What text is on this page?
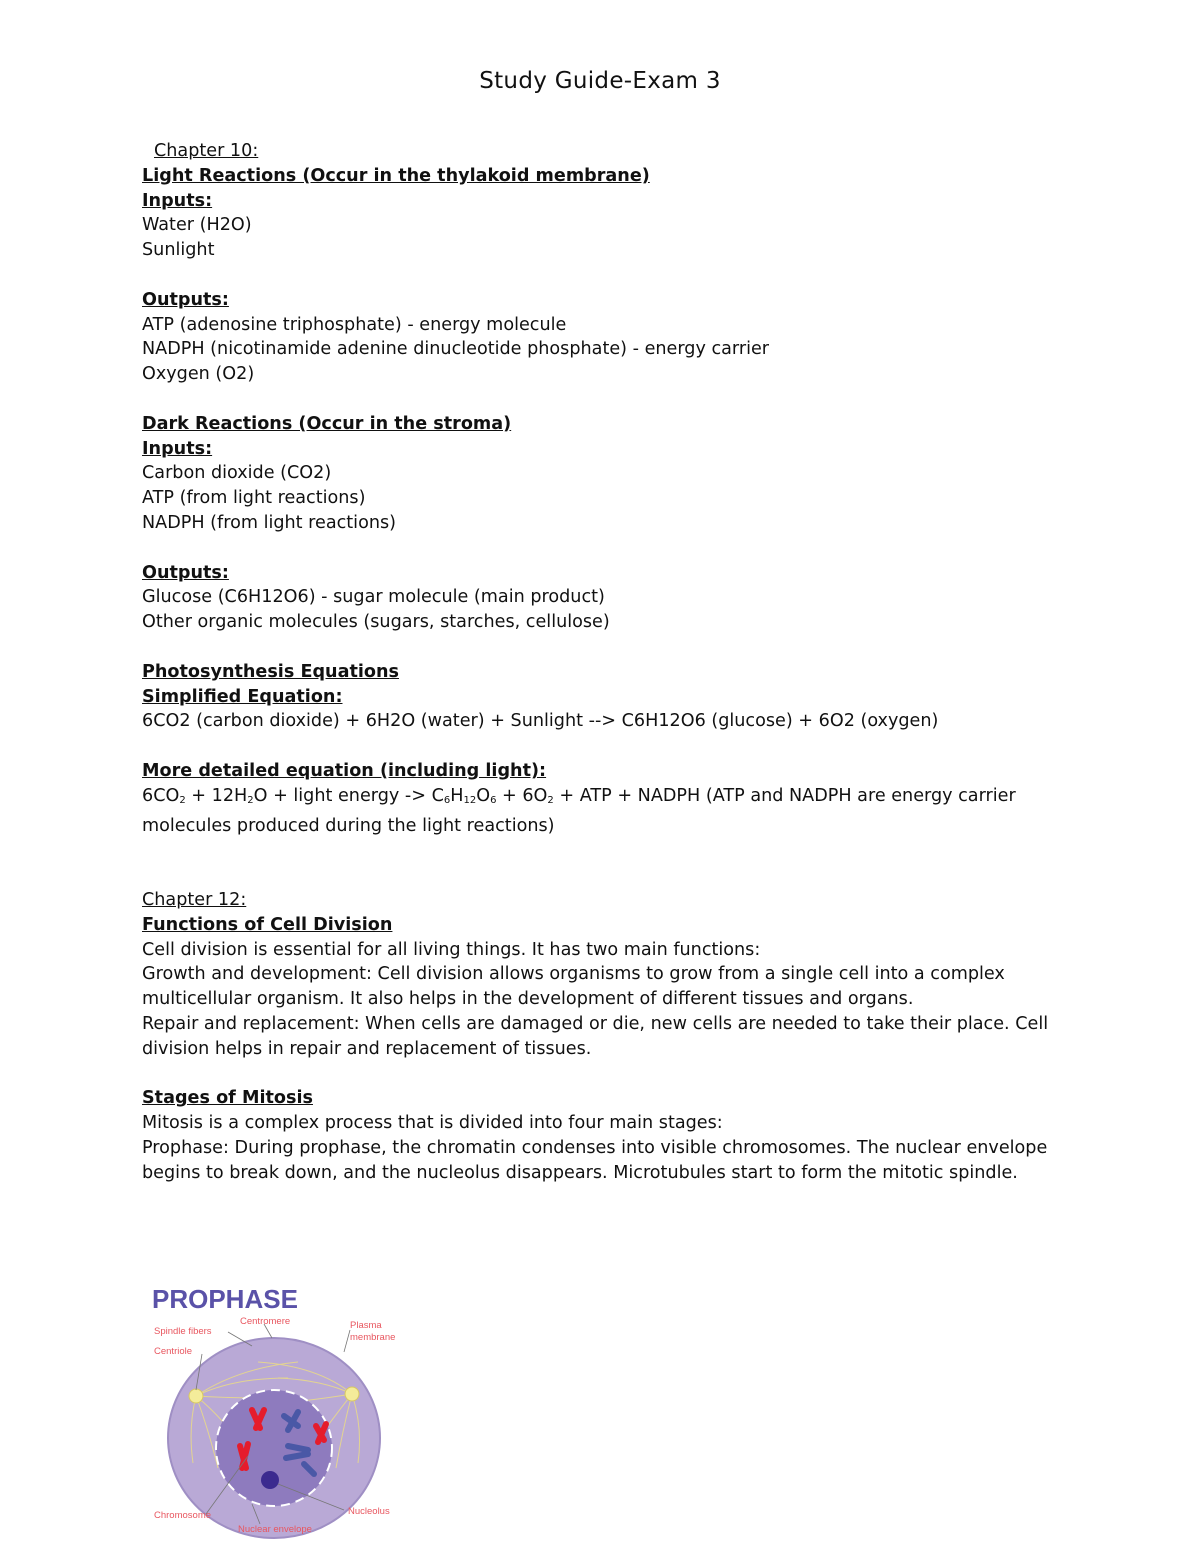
Study Guide-Exam 3

Chapter 10:

Light Reactions (Occur in the thylakoid membrane)

Inputs:

Water (H2O)

Sunlight

Outputs:

ATP (adenosine triphosphate) - energy molecule

NADPH (nicotinamide adenine dinucleotide phosphate) - energy carrier

Oxygen (O2)

Dark Reactions (Occur in the stroma)

Inputs:

Carbon dioxide (CO2)

ATP (from light reactions)

NADPH (from light reactions)

Outputs:

Glucose (C6H12O6) - sugar molecule (main product)

Other organic molecules (sugars, starches, cellulose)

Photosynthesis Equations

Simplified Equation:

6CO2 (carbon dioxide) + 6H2O (water) + Sunlight --> C6H12O6 (glucose) + 6O2 (oxygen)

More detailed equation (including light):

$6CO_2 + 12H_2O$ + light energy -> $C_6H_{12}O_6 + 6O_2$ + ATP + NADPH (ATP and NADPH are energy carrier molecules produced during the light reactions)

Chapter 12:

Functions of Cell Division

Cell division is essential for all living things. It has two main functions:

Growth and development: Cell division allows organisms to grow from a single cell into a complex multicellular organism. It also helps in the development of different tissues and organs.

Repair and replacement: When cells are damaged or die, new cells are needed to take their place. Cell division helps in repair and replacement of tissues.

Stages of Mitosis

Mitosis is a complex process that is divided into four main stages:

Prophase: During prophase, the chromatin condenses into visible chromosomes. The nuclear envelope begins to break down, and the nucleolus disappears. Microtubules start to form the mitotic spindle.

PROPHASE
Centromere	Plasma
membrane
Spindle fibers
Centriole
Chromosome	Nucleolus
Nuclear envelope
